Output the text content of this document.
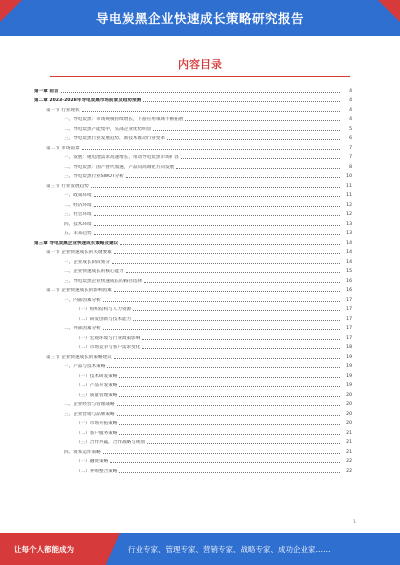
导电炭黑企业快速成长策略研究报告
内容目录
第一章 前言	4
第二章 2023-2028年导电炭黑市场前景及趋势预测	4
第一节 行业现状	4
一、导电炭黑：市场规模持续增长，下游应用领域不断拓展	4
二、导电炭黑产能集中，头部企业优势明显	5
三、导电炭黑行业发展趋势，新技术推动行业变革	6
第二节 市场前景	7
一、发展：锂电池需求高速增长，带动导电炭黑市场扩容	7
二、导电炭黑：国产替代加速，产品向高端化方向发展	8
三、导电炭黑行业SWOT分析	10
第三节 行业发展趋势	11
一、政策环境	11
二、经济环境	12
三、社会环境	12
四、技术环境	13
五、未来趋势	13
第三章 导电炭黑企业快速成长策略及建议	14
第一节 企业快速成长的关键要素	14
一、企业成长阶段划分	14
二、企业快速成长的核心能力	15
三、导电炭黑企业快速成长的路径选择	16
第二节 企业快速成长的影响因素	16
一、内部因素分析	17
（一）组织结构与人力资源	17
（二）研发创新与技术能力	17
二、外部因素分析	17
（一）宏观环境与行业政策影响	17
（二）市场竞争与客户需求变化	18
第三节 企业快速成长的策略建议	19
一、产品与技术策略	19
（一）技术研发策略	19
（二）产品开发策略	19
（三）质量管理策略	20
二、企业经营与管理战略	20
三、企业营销与品牌策略	20
（一）市场开拓策略	20
（二）客户服务策略	21
（三）合作共赢，合作战略与规划	21
四、资本运作策略	21
（一）融资策略	22
（二）并购整合策略	22
1
让每个人都能成为	行业专家、管理专家、营销专家、战略专家、成功企业家……
